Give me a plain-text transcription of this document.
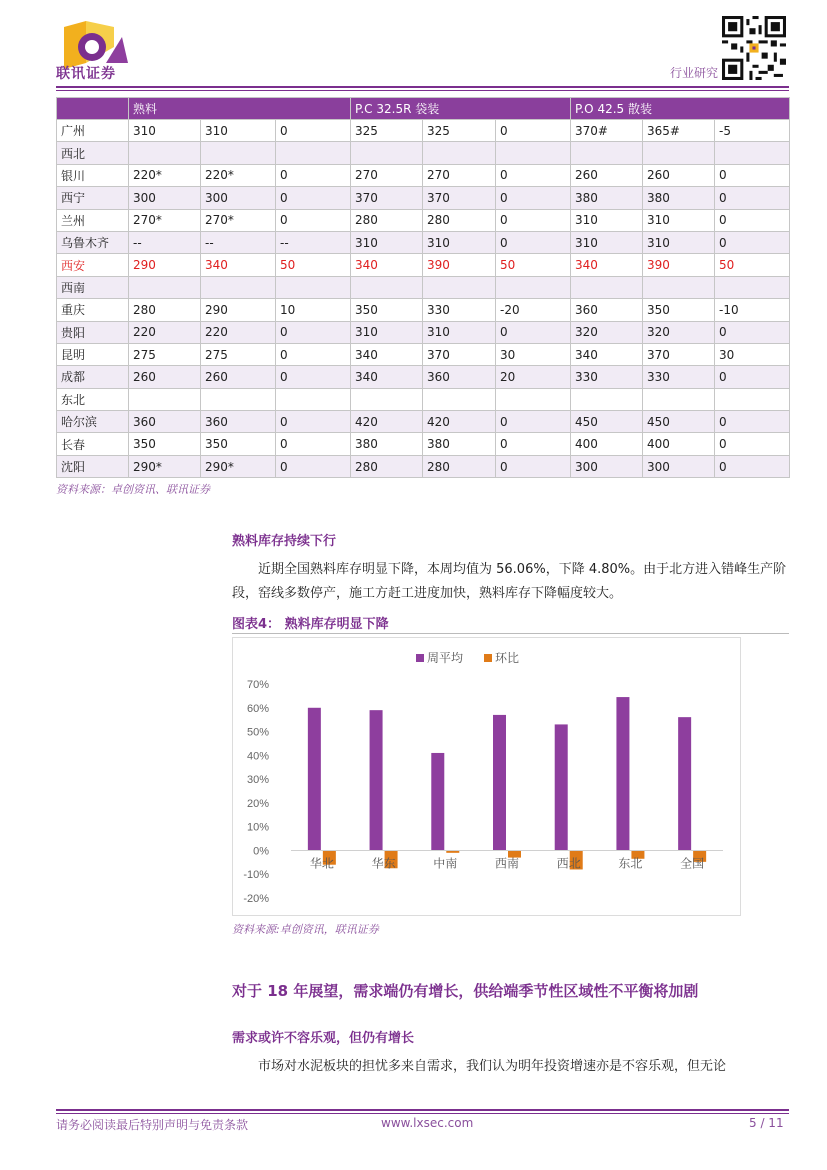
联讯证券	行业研究
	熟料			P.C 32.5R 袋装			P.O 42.5 散装		
广州	310	310	0	325	325	0	370#	365#	-5
西北									
银川	220*	220*	0	270	270	0	260	260	0
西宁	300	300	0	370	370	0	380	380	0
兰州	270*	270*	0	280	280	0	310	310	0
乌鲁木齐	--	--	--	310	310	0	310	310	0
西安	290	340	50	340	390	50	340	390	50
西南									
重庆	280	290	10	350	330	-20	360	350	-10
贵阳	220	220	0	310	310	0	320	320	0
昆明	275	275	0	340	370	30	340	370	30
成都	260	260	0	340	360	20	330	330	0
东北									
哈尔滨	360	360	0	420	420	0	450	450	0
长春	350	350	0	380	380	0	400	400	0
沈阳	290*	290*	0	280	280	0	300	300	0
资料来源：卓创资讯、联讯证券
熟料库存持续下行
近期全国熟料库存明显下降，本周均值为 56.06%，下降 4.80%。由于北方进入错峰生产阶段，窑线多数停产，施工方赶工进度加快，熟料库存下降幅度较大。
图表4： 熟料库存明显下降
-20%
-10%
0%
10%
20%
30%
40%
50%
60%
70%
华北	华东	中南	西南	西北	东北	全国
周平均	环比
资料来源:卓创资讯，联讯证券
对于 18 年展望，需求端仍有增长，供给端季节性区域性不平衡将加剧
需求或许不容乐观，但仍有增长
市场对水泥板块的担忧多来自需求，我们认为明年投资增速亦是不容乐观，但无论
请务必阅读最后特别声明与免责条款	www.lxsec.com	5 / 11
